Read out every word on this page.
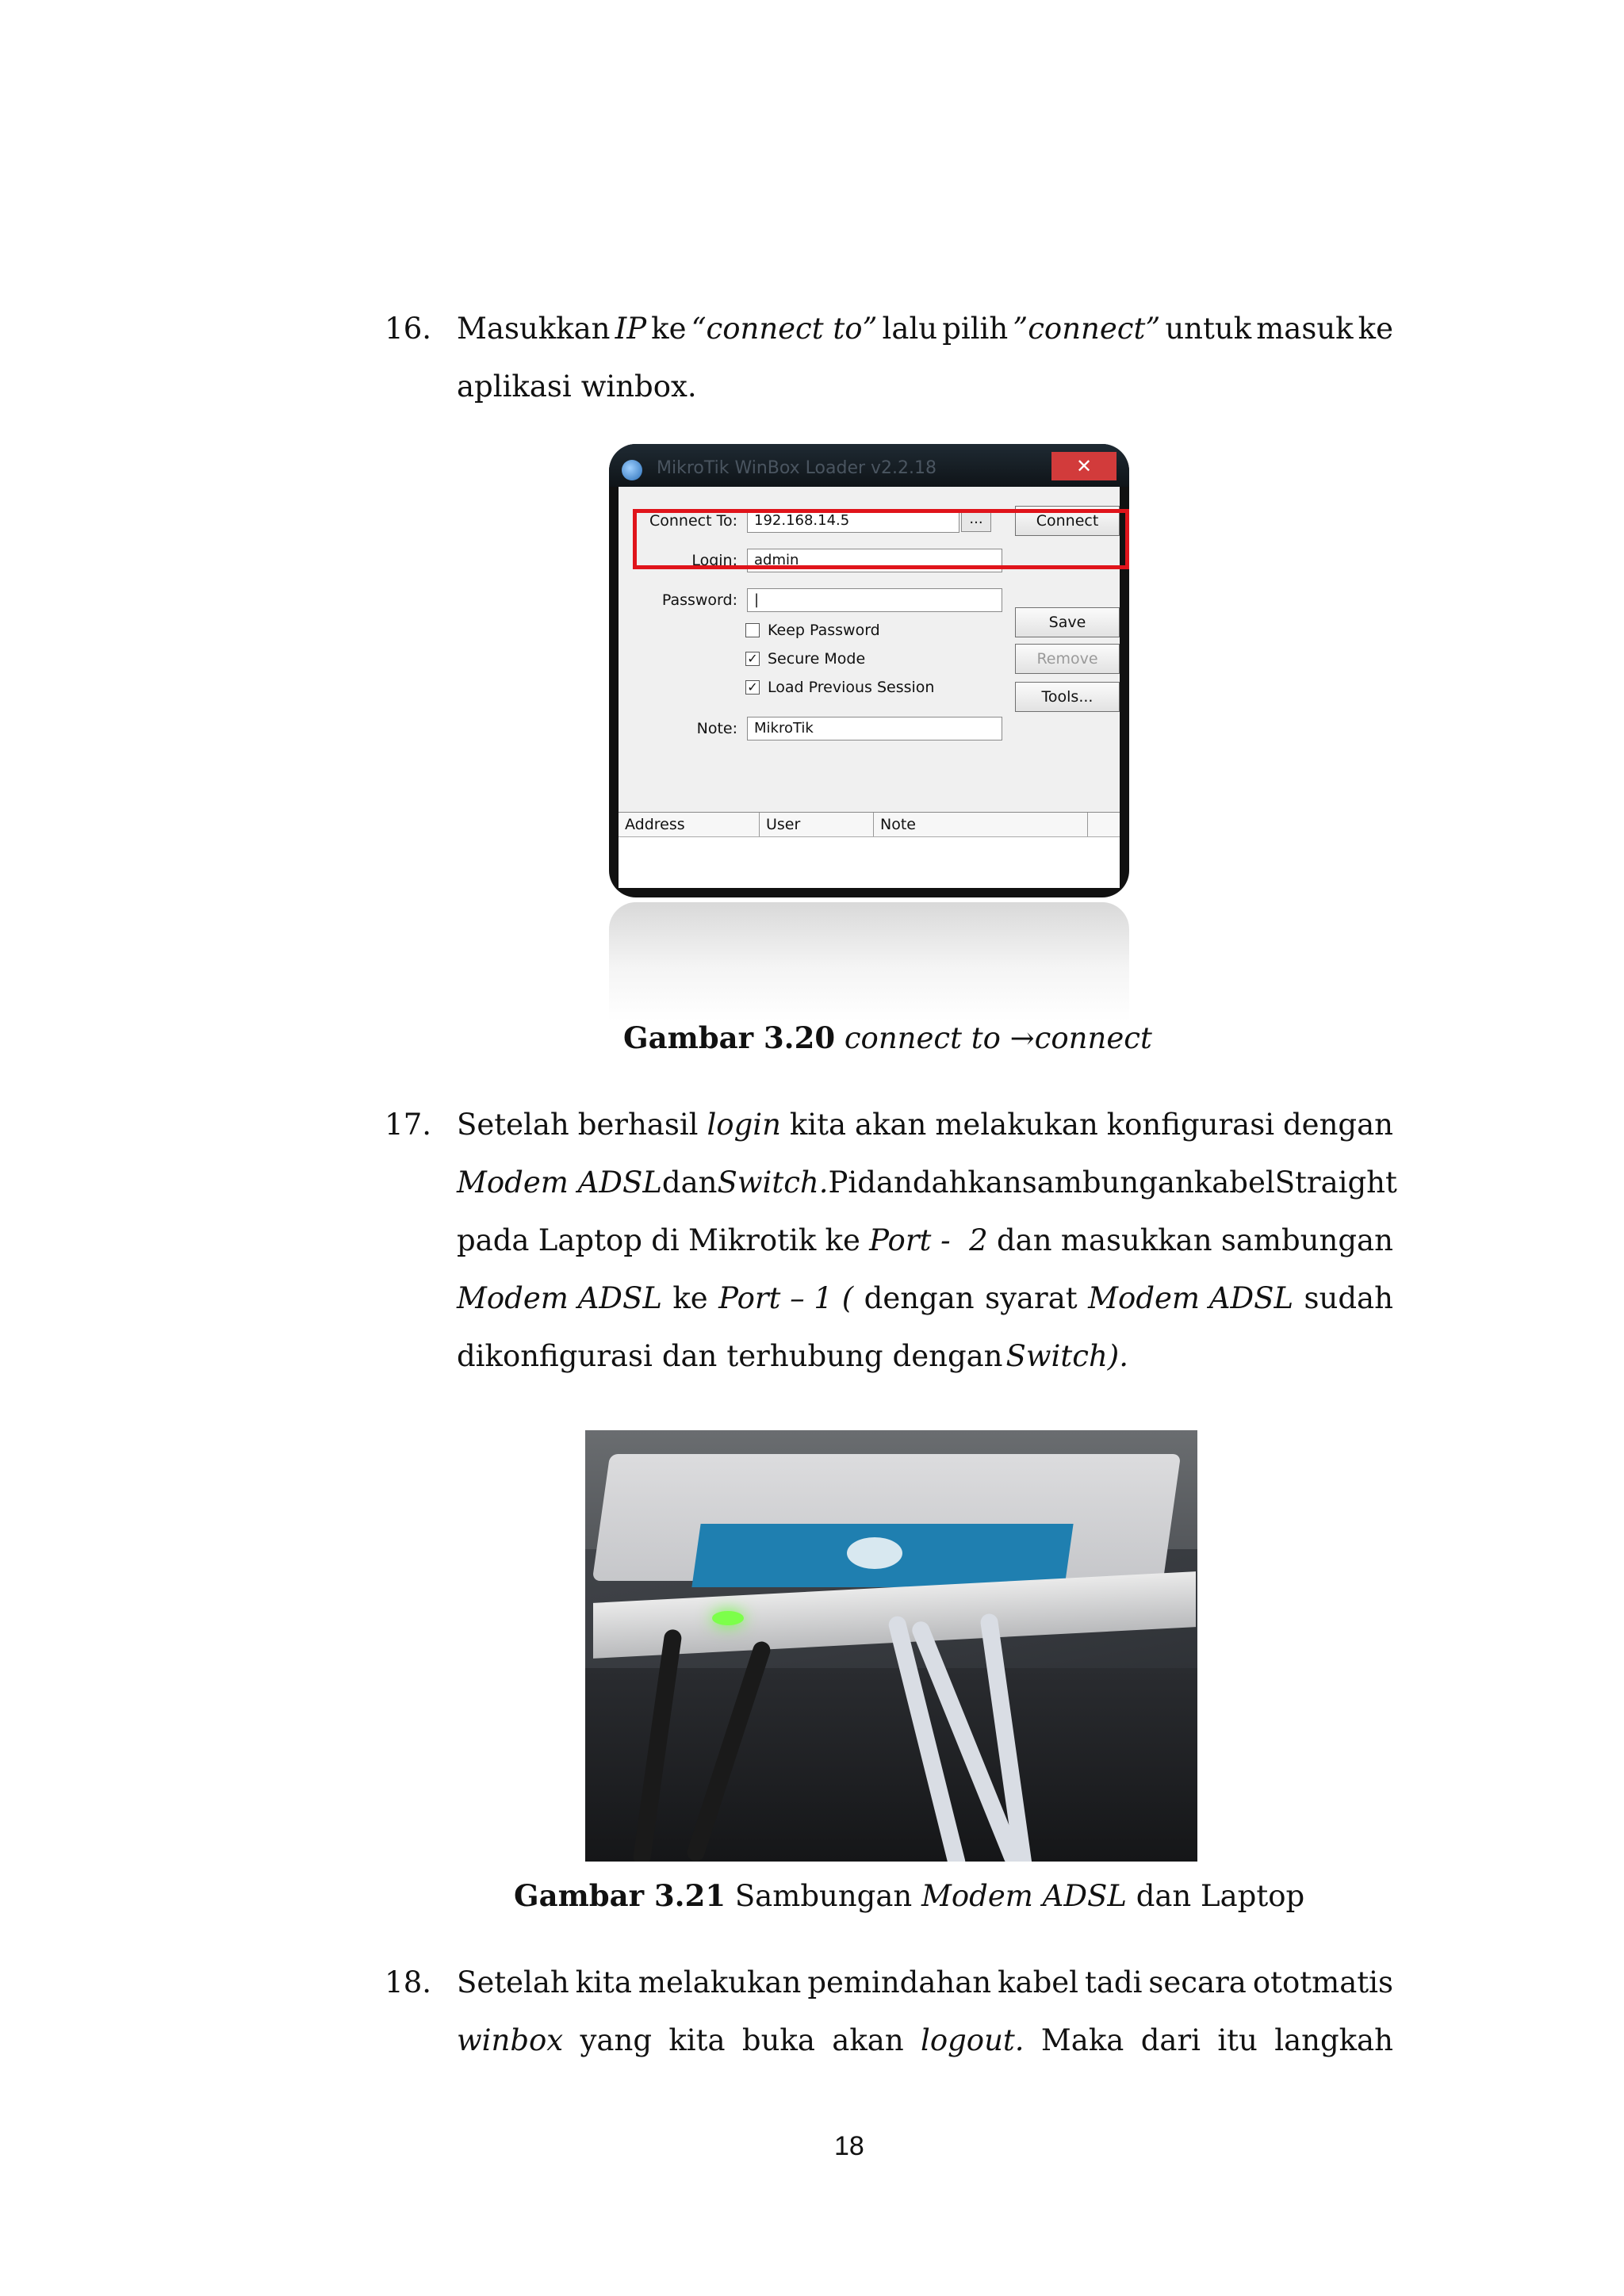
16. Masukkan IP ke “connect to” lalu pilih ”connect” untuk masuk ke
aplikasi winbox.
MikroTik WinBox Loader v2.2.18	✕
Connect To:	192.168.14.5	...	Connect
Login:	admin
Password:	|
Save
Remove
Tools...
Keep Password
✓ Secure Mode
✓ Load Previous Session
Note:	MikroTik
Address	User	Note
Gambar 3.20 connect to →connect
17. Setelah berhasil login kita akan melakukan konfigurasi dengan
Modem ADSL dan Switch. Pidandahkan sambungan kabel Straight
pada Laptop di Mikrotik ke Port -  2 dan masukkan sambungan
Modem ADSL ke Port – 1 ( dengan syarat Modem ADSL sudah
dikonfigurasi dan terhubung dengan Switch).
Gambar 3.21 Sambungan Modem ADSL dan Laptop
18. Setelah kita melakukan pemindahan kabel tadi secara ototmatis
winbox yang kita buka akan logout. Maka dari itu langkah
18
